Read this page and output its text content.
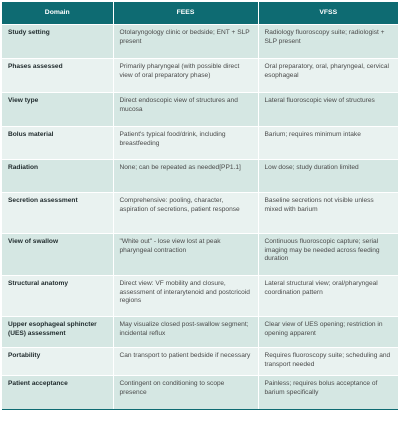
Domain	FEES	VFSS
Study setting	Otolaryngology clinic or bedside; ENT + SLP present	Radiology fluoroscopy suite; radiologist + SLP present
Phases assessed	Primarily pharyngeal (with possible direct view of oral preparatory phase)	Oral preparatory, oral, pharyngeal, cervical esophageal
View type	Direct endoscopic view of structures and mucosa	Lateral fluoroscopic view of structures
Bolus material	Patient's typical food/drink, including breastfeeding	Barium; requires minimum intake
Radiation	None; can be repeated as needed[PP1.1]	Low dose; study duration limited
Secretion assessment	Comprehensive: pooling, character, aspiration of secretions, patient response	Baseline secretions not visible unless mixed with barium
View of swallow	"White out" - lose view lost at peak pharyngeal contraction	Continuous fluoroscopic capture; serial imaging may be needed across feeding duration
Structural anatomy	Direct view: VF mobility and closure, assessment of interarytenoid and postcricoid regions	Lateral structural view; oral/pharyngeal coordination pattern
Upper esophageal sphincter (UES) assessment	May visualize closed post-swallow segment; incidental reflux	Clear view of UES opening; restriction in opening apparent
Portability	Can transport to patient bedside if necessary	Requires fluoroscopy suite; scheduling and transport needed
Patient acceptance	Contingent on conditioning to scope presence	Painless; requires bolus acceptance of barium specifically
